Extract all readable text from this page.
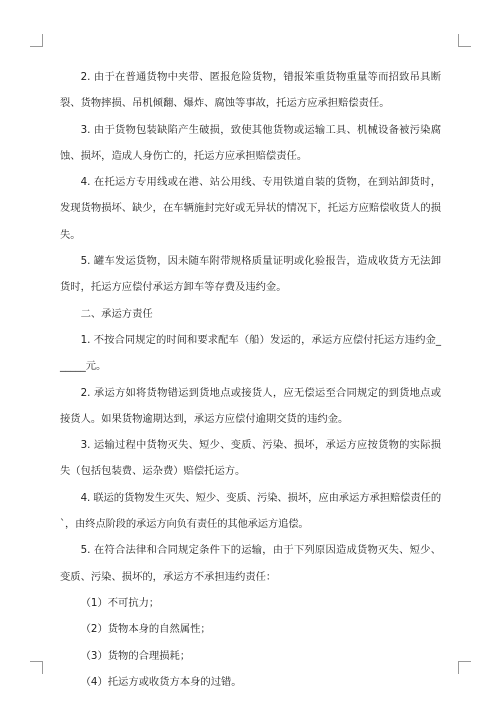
2. 由于在普通货物中夹带、匿报危险货物，错报笨重货物重量等而招致吊具断裂、货物摔损、吊机倾翻、爆炸、腐蚀等事故，托运方应承担赔偿责任。

3. 由于货物包装缺陷产生破损，致使其他货物或运输工具、机械设备被污染腐蚀、损坏，造成人身伤亡的，托运方应承担赔偿责任。

4. 在托运方专用线或在港、站公用线、专用铁道自装的货物，在到站卸货时，发现货物损坏、缺少，在车辆施封完好或无异状的情况下，托运方应赔偿收货人的损失。

5. 罐车发运货物，因未随车附带规格质量证明或化验报告，造成收货方无法卸货时，托运方应偿付承运方卸车等存费及违约金。

二、承运方责任

1. 不按合同规定的时间和要求配车（船）发运的，承运方应偿付托运方违约金______元。

2. 承运方如将货物错运到货地点或接货人，应无偿运至合同规定的到货地点或接货人。如果货物逾期达到，承运方应偿付逾期交货的违约金。

3. 运输过程中货物灭失、短少、变质、污染、损坏，承运方应按货物的实际损失（包括包装费、运杂费）赔偿托运方。

4. 联运的货物发生灭失、短少、变质、污染、损坏，应由承运方承担赔偿责任的`，由终点阶段的承运方向负有责任的其他承运方追偿。

5. 在符合法律和合同规定条件下的运输，由于下列原因造成货物灭失、短少、变质、污染、损坏的，承运方不承担违约责任：

（1）不可抗力；

（2）货物本身的自然属性；

（3）货物的合理损耗；

（4）托运方或收货方本身的过错。
